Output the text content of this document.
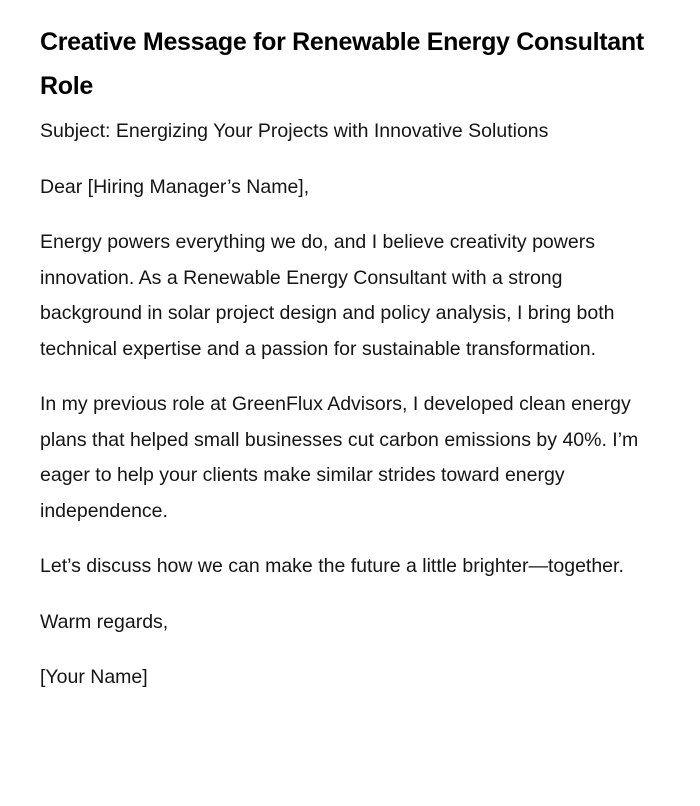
Creative Message for Renewable Energy Consultant Role

Subject: Energizing Your Projects with Innovative Solutions

Dear [Hiring Manager’s Name],

Energy powers everything we do, and I believe creativity powers innovation. As a Renewable Energy Consultant with a strong background in solar project design and policy analysis, I bring both technical expertise and a passion for sustainable transformation.

In my previous role at GreenFlux Advisors, I developed clean energy plans that helped small businesses cut carbon emissions by 40%. I’m eager to help your clients make similar strides toward energy independence.

Let’s discuss how we can make the future a little brighter—together.

Warm regards,

[Your Name]
